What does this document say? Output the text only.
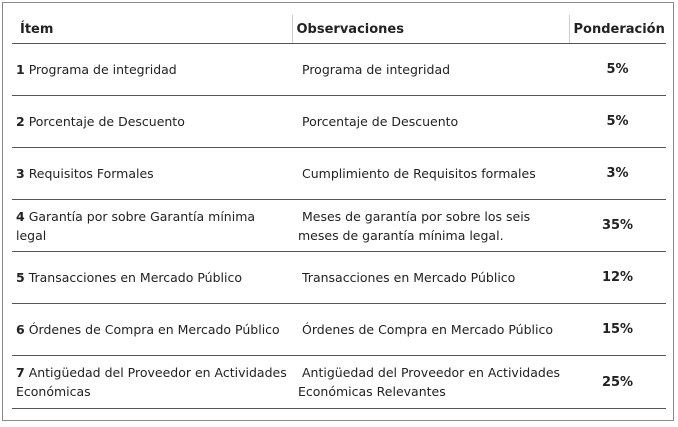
Ítem	Observaciones	Ponderación
1 Programa de integridad	Programa de integridad	5%
2 Porcentaje de Descuento	Porcentaje de Descuento	5%
3 Requisitos Formales	Cumplimiento de Requisitos formales	3%
4 Garantía por sobre Garantía mínima legal	Meses de garantía por sobre los seis meses de garantía mínima legal.	35%
5 Transacciones en Mercado Público	Transacciones en Mercado Público	12%
6 Órdenes de Compra en Mercado Público	Órdenes de Compra en Mercado Público	15%
7 Antigüedad del Proveedor en Actividades Económicas	Antigüedad del Proveedor en Actividades Económicas Relevantes	25%
